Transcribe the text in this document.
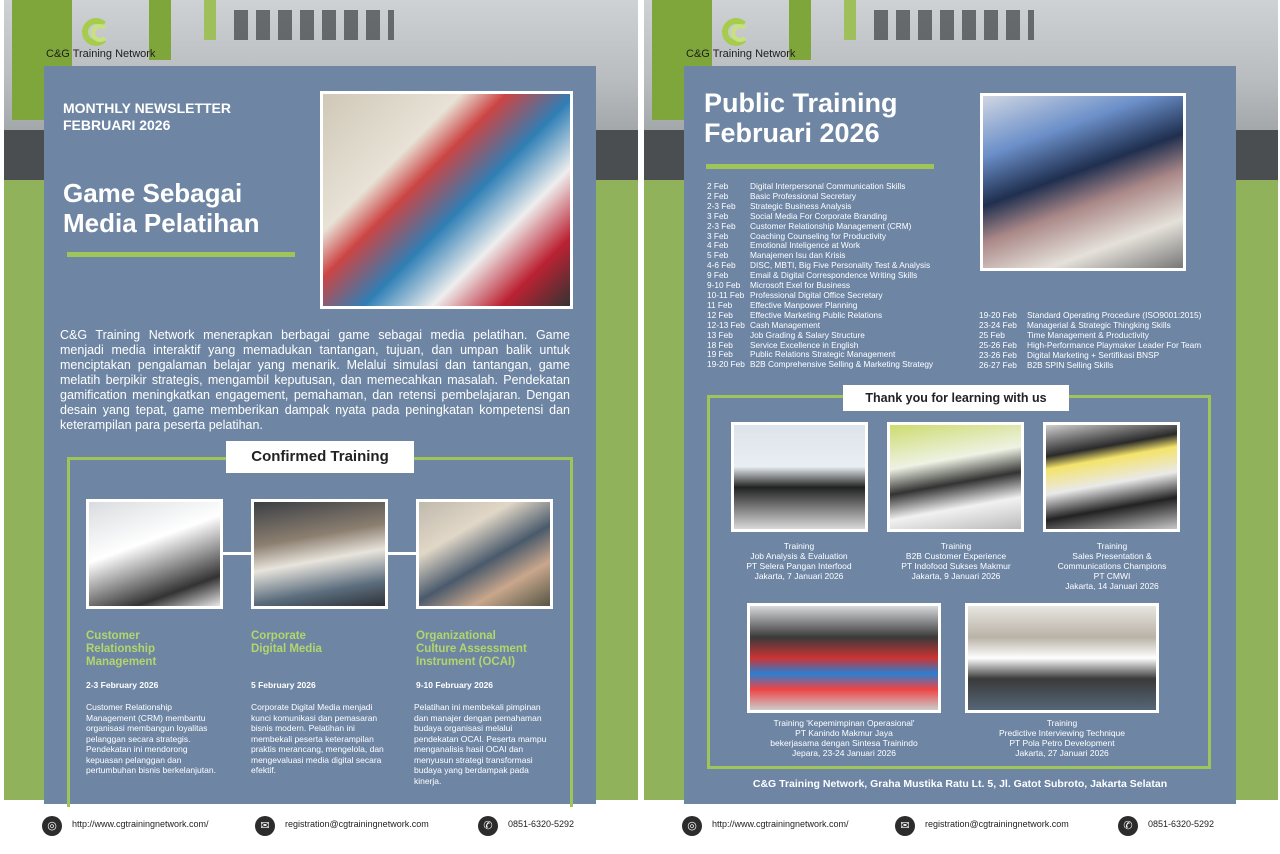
C&G Training Network
◎	http://www.cgtrainingnetwork.com/	✉	registration@cgtrainingnetwork.com	✆	0851-6320-5292
MONTHLY NEWSLETTER
FEBRUARI 2026
Game Sebagai
Media Pelatihan
C&G Training Network menerapkan berbagai game sebagai media pelatihan. Game menjadi media interaktif yang memadukan tantangan, tujuan, dan umpan balik untuk menciptakan pengalaman belajar yang menarik. Melalui simulasi dan tantangan, game melatih berpikir strategis, mengambil keputusan, dan memecahkan masalah. Pendekatan gamification meningkatkan engagement, pemahaman, dan retensi pembelajaran. Dengan desain yang tepat, game memberikan dampak nyata pada peningkatan kompetensi dan keterampilan para peserta pelatihan.
Confirmed Training
Customer
Relationship
Management
2-3 February 2026
Customer Relationship Management (CRM) membantu organisasi membangun loyalitas pelanggan secara strategis. Pendekatan ini mendorong kepuasan pelanggan dan pertumbuhan bisnis berkelanjutan.
Corporate
Digital Media
5 February 2026
Corporate Digital Media menjadi kunci komunikasi dan pemasaran bisnis modern. Pelatihan ini membekali peserta keterampilan praktis merancang, mengelola, dan mengevaluasi media digital secara efektif.
Organizational
Culture Assessment
Instrument (OCAI)
9-10 February 2026
Pelatihan ini membekali pimpinan dan manajer dengan pemahaman budaya organisasi melalui pendekatan OCAI. Peserta mampu menganalisis hasil OCAI dan menyusun strategi transformasi budaya yang berdampak pada kinerja.
C&G Training Network
◎	http://www.cgtrainingnetwork.com/	✉	registration@cgtrainingnetwork.com	✆	0851-6320-5292
Public Training
Februari 2026
2 Feb	Digital Interpersonal Communication Skills
2 Feb	Basic Professional Secretary
2-3 Feb	Strategic Business Analysis
3 Feb	Social Media For Corporate Branding
2-3 Feb	Customer Relationship Management (CRM)
3 Feb	Coaching Counseling for Productivity
4 Feb	Emotional Inteligence at Work
5 Feb	Manajemen Isu dan Krisis
4-6 Feb	DISC, MBTI, Big Five Personality Test & Analysis
9 Feb	Email & Digital Correspondence Writing Skills
9-10 Feb	Microsoft Exel for Business
10-11 Feb Professional Digital Office Secretary
11 Feb	Effective Manpower Planning
12 Feb	Effective Marketing Public Relations
12-13 Feb Cash Management
13 Feb	Job Grading & Salary Structure
18 Feb	Service Excellence in English
19 Feb	Public Relations Strategic Management
19-20 Feb B2B Comprehensive Selling & Marketing Strategy
19-20 Feb	Standard Operating Procedure (ISO9001:2015)
23-24 Feb	Managerial & Strategic Thingking Skills
25 Feb	Time Management & Productivity
25-26 Feb	High-Performance Playmaker Leader For Team
23-26 Feb	Digital Marketing + Sertifikasi BNSP
26-27 Feb	B2B SPIN Selling Skills
Thank you for learning with us
Training
Job Analysis & Evaluation
PT Selera Pangan Interfood
Jakarta, 7 Januari 2026
Training
B2B Customer Experience
PT Indofood Sukses Makmur
Jakarta, 9 Januari 2026
Training
Sales Presentation &
Communications Champions
PT CMWI
Jakarta, 14 Januari 2026
Training 'Kepemimpinan Operasional'
PT Kanindo Makmur Jaya
bekerjasama dengan Sintesa Trainindo
Jepara, 23-24 Januari 2026
Training
Predictive Interviewing Technique
PT Pola Petro Development
Jakarta, 27 Januari 2026
C&G Training Network, Graha Mustika Ratu Lt. 5, Jl. Gatot Subroto, Jakarta Selatan
